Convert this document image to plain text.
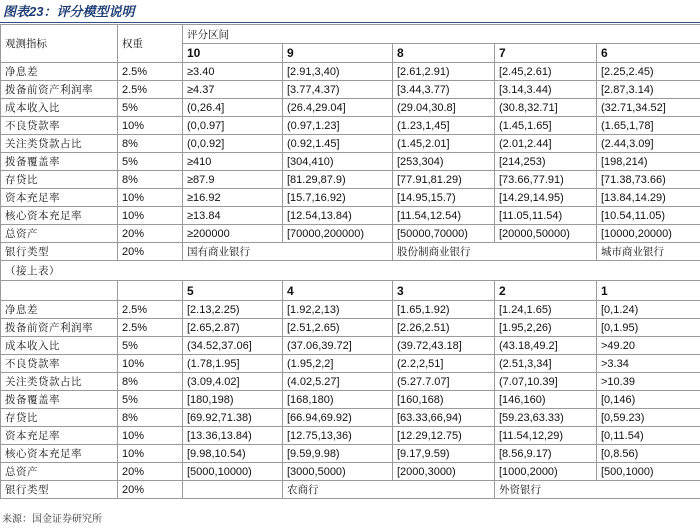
图表23：评分模型说明
观测指标	权重	评分区间				
		10	9	8	7	6
净息差	2.5%	≥3.40	[2.91,3,40)	[2.61,2.91)	[2.45,2.61)	[2.25,2.45)
拨备前资产利润率	2.5%	≥4.37	[3.77,4.37)	[3.44,3.77)	[3.14,3.44)	[2.87,3.14)
成本收入比	5%	(0,26.4]	(26.4,29.04]	(29.04,30.8]	(30.8,32.71]	(32.71,34.52]
不良贷款率	10%	(0,0.97]	(0.97,1.23]	(1.23,1,45]	(1.45,1.65]	(1.65,1,78]
关注类贷款占比	8%	(0,0.92]	(0.92,1.45]	(1.45,2.01]	(2.01,2.44]	(2.44,3.09]
拨备覆盖率	5%	≥410	[304,410)	[253,304)	[214,253)	[198,214)
存贷比	8%	≥87.9	[81.29,87.9)	[77.91,81.29)	[73.66,77.91)	[71.38,73.66)
资本充足率	10%	≥16.92	[15.7,16.92)	[14.95,15.7)	[14.29,14.95)	[13.84,14.29)
核心资本充足率	10%	≥13.84	[12.54,13.84)	[11.54,12.54)	[11.05,11.54)	[10.54,11.05)
总资产	20%	≥200000	[70000,200000)	[50000,70000)	[20000,50000)	[10000,20000)
银行类型	20%	国有商业银行		股份制商业银行		城市商业银行
（接上表）						
		5	4	3	2	1
净息差	2.5%	[2.13,2.25)	[1.92,2,13)	[1.65,1.92)	[1.24,1.65)	[0,1.24)
拨备前资产利润率	2.5%	[2.65,2.87)	[2.51,2.65)	[2.26,2.51)	[1.95,2,26)	[0,1.95)
成本收入比	5%	(34.52,37.06]	(37.06,39.72]	(39.72,43.18]	(43.18,49.2]	>49.20
不良贷款率	10%	(1.78,1.95]	(1.95,2,2]	(2.2,2,51]	(2.51,3,34]	>3.34
关注类贷款占比	8%	(3.09,4.02]	(4.02,5.27]	(5.27.7.07]	(7.07,10.39]	>10.39
拨备覆盖率	5%	[180,198)	[168,180)	[160,168)	[146,160)	[0,146)
存贷比	8%	[69.92,71.38)	[66.94,69.92)	[63.33,66,94)	[59.23,63.33)	[0,59.23)
资本充足率	10%	[13.36,13.84)	[12.75,13,36)	[12.29,12.75)	[11.54,12,29)	[0,11.54)
核心资本充足率	10%	[9.98,10.54)	[9.59,9.98)	[9.17,9.59)	[8.56,9.17)	[0,8.56)
总资产	20%	[5000,10000)	[3000,5000)	[2000,3000)	[1000,2000)	[500,1000)
银行类型	20%		农商行		外资银行	
来源：国金证券研究所
